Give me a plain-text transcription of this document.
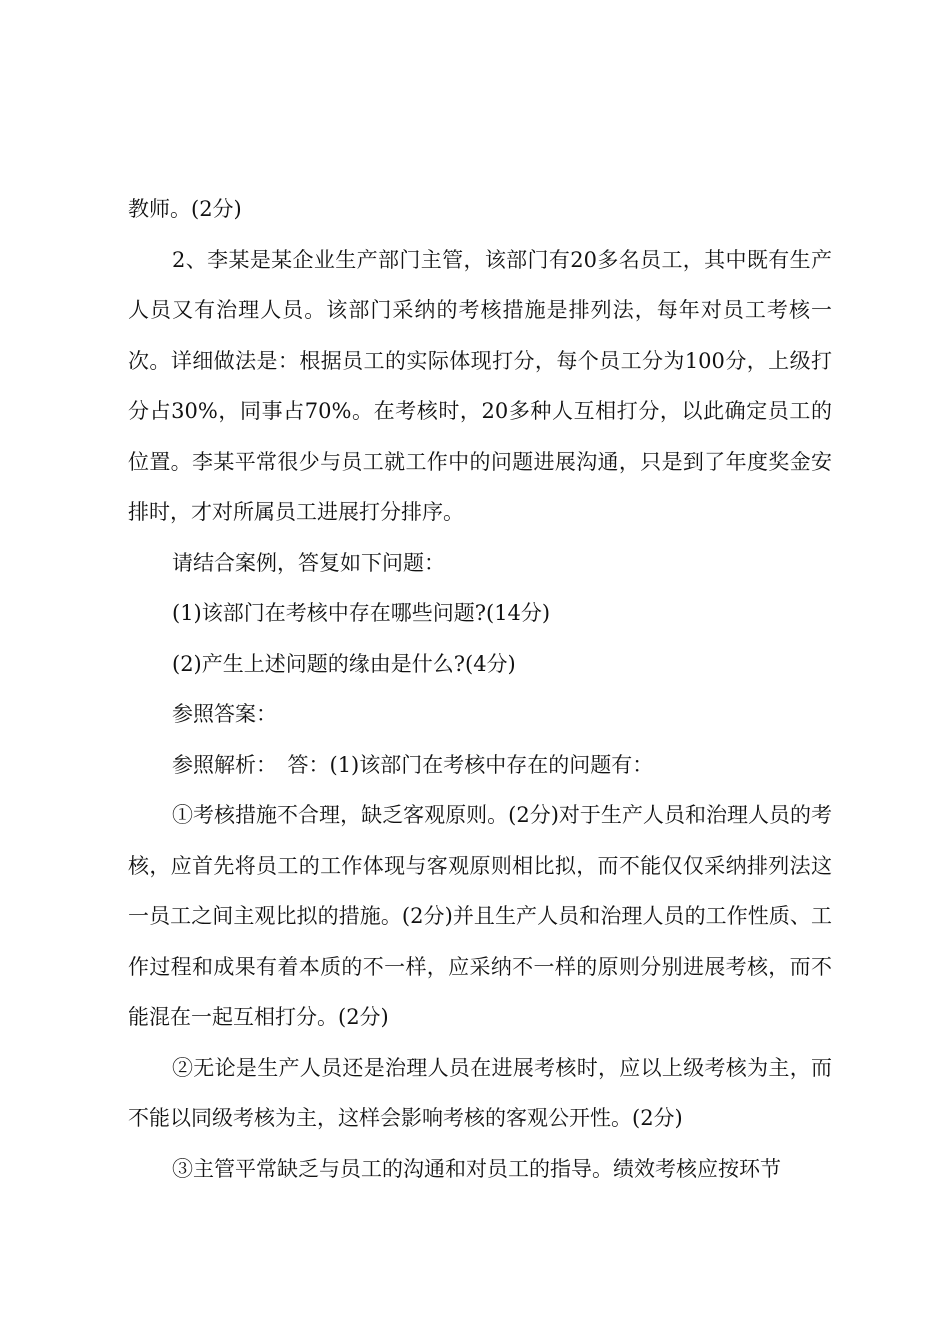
教师。(2分)

2、李某是某企业生产部门主管，该部门有20多名员工，其中既有生产人员又有治理人员。该部门采纳的考核措施是排列法，每年对员工考核一次。详细做法是：根据员工的实际体现打分，每个员工分为100分，上级打分占30%，同事占70%。在考核时，20多种人互相打分，以此确定员工的位置。李某平常很少与员工就工作中的问题进展沟通，只是到了年度奖金安排时，才对所属员工进展打分排序。

请结合案例，答复如下问题：

(1)该部门在考核中存在哪些问题?(14分)

(2)产生上述问题的缘由是什么?(4分)

参照答案：

参照解析：　答：(1)该部门在考核中存在的问题有：

①考核措施不合理，缺乏客观原则。(2分)对于生产人员和治理人员的考核，应首先将员工的工作体现与客观原则相比拟，而不能仅仅采纳排列法这一员工之间主观比拟的措施。(2分)并且生产人员和治理人员的工作性质、工作过程和成果有着本质的不一样，应采纳不一样的原则分别进展考核，而不能混在一起互相打分。(2分)

②无论是生产人员还是治理人员在进展考核时，应以上级考核为主，而不能以同级考核为主，这样会影响考核的客观公开性。(2分)

③主管平常缺乏与员工的沟通和对员工的指导。绩效考核应按环节
